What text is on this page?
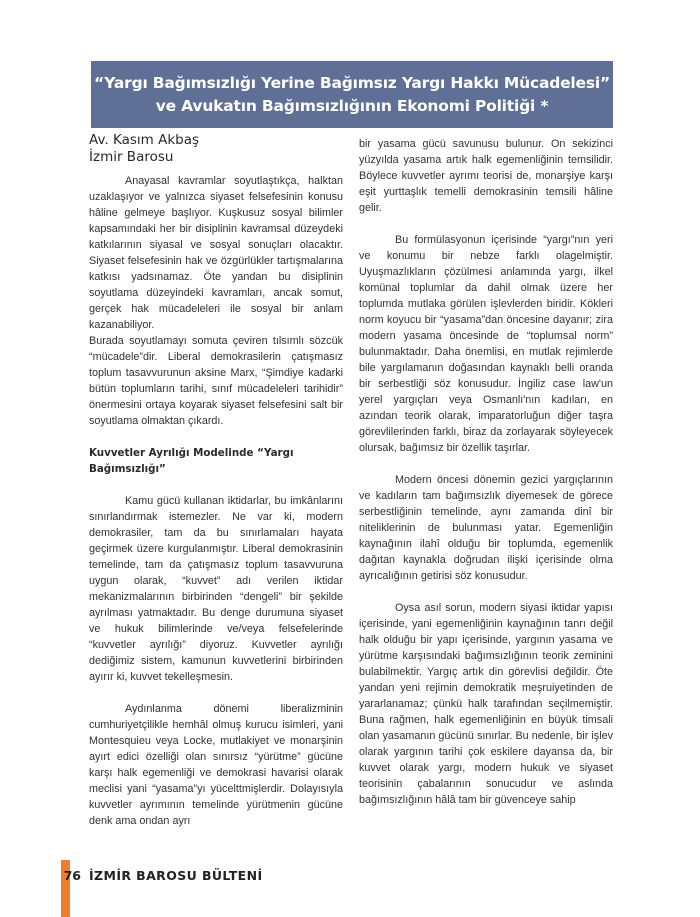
“Yargı Bağımsızlığı Yerine Bağımsız Yargı Hakkı Mücadelesi”
ve Avukatın Bağımsızlığının Ekonomi Politiği *
Av. Kasım Akbaş
İzmir Barosu

Anayasal kavramlar soyutlaştıkça, halktan uzaklaşıyor ve yalnızca siyaset felsefesinin konusu hâline gelmeye başlıyor. Kuşkusuz sosyal bilimler kapsamındaki her bir disiplinin kavramsal düzeydeki katkılarının siyasal ve sosyal sonuçları olacaktır. Siyaset felsefesinin hak ve özgürlükler tartışmalarına katkısı yadsınamaz. Öte yandan bu disiplinin soyutlama düzeyindeki kavramları, ancak somut, gerçek hak mücadeleleri ile sosyal bir anlam kazanabiliyor.

Burada soyutlamayı somuta çeviren tılsımlı sözcük “mücadele”dir. Liberal demokrasilerin çatışmasız toplum tasavvurunun aksine Marx, “Şimdiye kadarki bütün toplumların tarihi, sınıf mücadeleleri tarihidir” önermesini ortaya koyarak siyaset felsefesini salt bir soyutlama olmaktan çıkardı.

Kuvvetler Ayrılığı Modelinde “Yargı Bağımsızlığı”

Kamu gücü kullanan iktidarlar, bu imkânlarını sınırlandırmak istemezler. Ne var ki, modern demokrasiler, tam da bu sınırlamaları hayata geçirmek üzere kurgulanmıştır. Liberal demokrasinin temelinde, tam da çatışmasız toplum tasavvuruna uygun olarak, “kuvvet” adı verilen iktidar mekanizmalarının birbirinden “dengeli” bir şekilde ayrılması yatmaktadır. Bu denge durumuna siyaset ve hukuk bilimlerinde ve/veya felsefelerinde “kuvvetler ayrılığı” diyoruz. Kuvvetler ayrılığı dediğimiz sistem, kamunun kuvvetlerini birbirinden ayırır ki, kuvvet tekelleşmesin.

Aydınlanma dönemi liberalizminin cumhuriyetçilikle hemhâl olmuş kurucu isimleri, yani Montesquieu veya Locke, mutlakiyet ve monarşinin ayırt edici özelliği olan sınırsız “yürütme” gücüne karşı halk egemenliği ve demokrasi havarisi olarak meclisi yani “yasama”yı yücelttmişlerdir. Dolayısıyla kuvvetler ayrımının temelinde yürütmenin gücüne denk ama ondan ayrı

bir yasama gücü savunusu bulunur. On sekizinci yüzyılda yasama artık halk egemenliğinin temsilidir. Böylece kuvvetler ayrımı teorisi de, monarşiye karşı eşit yurttaşlık temelli demokrasinin temsili hâline gelir.

Bu formülasyonun içerisinde “yargı”nın yeri ve konumu bir nebze farklı olagelmiştir. Uyuşmazlıkların çözülmesi anlamında yargı, ilkel komünal toplumlar da dahil olmak üzere her toplumda mutlaka görülen işlevlerden biridir. Kökleri norm koyucu bir “yasama”dan öncesine dayanır; zira modern yasama öncesinde de “toplumsal norm” bulunmaktadır. Daha önemlisi, en mutlak rejimlerde bile yargılamanın doğasından kaynaklı belli oranda bir serbestliği söz konusudur. İngiliz case law'un yerel yargıçları veya Osmanlı'nın kadıları, en azından teorik olarak, imparatorluğun diğer taşra görevlilerinden farklı, biraz da zorlayarak söyleyecek olursak, bağımsız bir özellik taşırlar.

Modern öncesi dönemin gezici yargıçlarının ve kadıların tam bağımsızlık diyemesek de görece serbestliğinin temelinde, aynı zamanda dinî bir niteliklerinin de bulunması yatar. Egemenliğin kaynağının ilahî olduğu bir toplumda, egemenlik dağıtan kaynakla doğrudan ilişki içerisinde olma ayrıcalığının getirisi söz konusudur.

Oysa asıl sorun, modern siyasi iktidar yapısı içerisinde, yani egemenliğinin kaynağının tanrı değil halk olduğu bir yapı içerisinde, yargının yasama ve yürütme karşısındaki bağımsızlığının teorik zeminini bulabilmektir. Yargıç artık din görevlisi değildir. Öte yandan yeni rejimin demokratik meşruiyetinden de yararlanamaz; çünkü halk tarafından seçilmemiştir. Buna rağmen, halk egemenliğinin en büyük timsali olan yasamanın gücünü sınırlar. Bu nedenle, bir işlev olarak yargının tarihi çok eskilere dayansa da, bir kuvvet olarak yargı, modern hukuk ve siyaset teorisinin çabalarının sonucudur ve aslında bağımsızlığının hâlâ tam bir güvenceye sahip

76 İZMİR BAROSU BÜLTENİ
